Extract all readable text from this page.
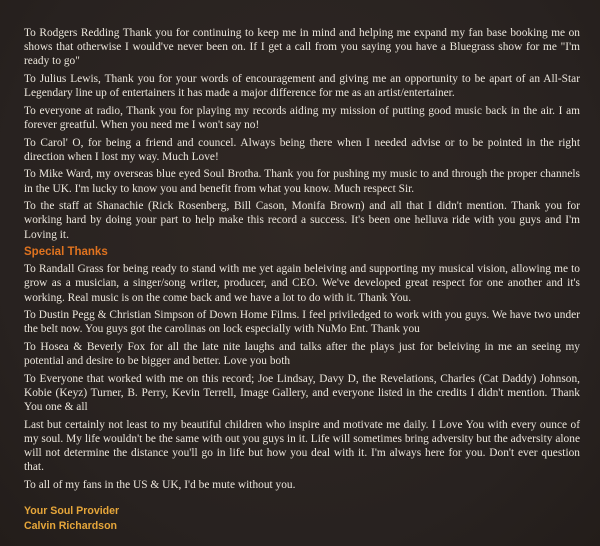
To Rodgers Redding Thank you for continuing to keep me in mind and helping me expand my fan base booking me on shows that otherwise I would've never been on. If I get a call from you saying you have a Bluegrass show for me "I'm ready to go"

To Julius Lewis, Thank you for your words of encouragement and giving me an opportunity to be apart of an All-Star Legendary line up of entertainers it has made a major difference for me as an artist/entertainer.

To everyone at radio, Thank you for playing my records aiding my mission of putting good music back in the air. I am forever greatful. When you need me I won't say no!

To Carol' O, for being a friend and councel. Always being there when I needed advise or to be pointed in the right direction when I lost my way. Much Love!

To Mike Ward, my overseas blue eyed Soul Brotha. Thank you for pushing my music to and through the proper channels in the UK. I'm lucky to know you and benefit from what you know. Much respect Sir.

To the staff at Shanachie (Rick Rosenberg, Bill Cason, Monifa Brown) and all that I didn't mention. Thank you for working hard by doing your part to help make this record a success. It's been one helluva ride with you guys and I'm Loving it.

Special Thanks

To Randall Grass for being ready to stand with me yet again beleiving and supporting my musical vision, allowing me to grow as a musician, a singer/song writer, producer, and CEO. We've developed great respect for one another and it's working. Real music is on the come back and we have a lot to do with it. Thank You.

To Dustin Pegg & Christian Simpson of Down Home Films. I feel priviledged to work with you guys. We have two under the belt now. You guys got the carolinas on lock especially with NuMo Ent. Thank you

To Hosea & Beverly Fox for all the late nite laughs and talks after the plays just for beleiving in me an seeing my potential and desire to be bigger and better. Love you both

To Everyone that worked with me on this record; Joe Lindsay, Davy D, the Revelations, Charles (Cat Daddy) Johnson, Kobie (Keyz) Turner, B. Perry, Kevin Terrell, Image Gallery, and everyone listed in the credits I didn't mention. Thank You one & all

Last but certainly not least to my beautiful children who inspire and motivate me daily. I Love You with every ounce of my soul. My life wouldn't be the same with out you guys in it. Life will sometimes bring adversity but the adversity alone will not determine the distance you'll go in life but how you deal with it. I'm always here for you. Don't ever question that.

To all of my fans in the US & UK, I'd be mute without you.

Your Soul Provider

Calvin Richardson
